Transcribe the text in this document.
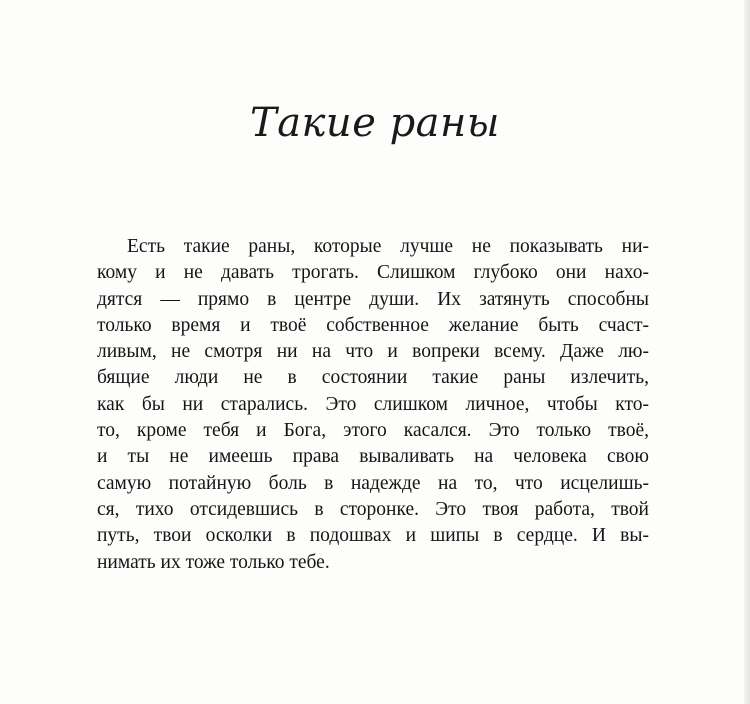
Такие раны
Есть такие раны, которые лучше не показывать ни-
кому и не давать трогать. Слишком глубоко они нахо-
дятся — прямо в центре души. Их затянуть способны
только время и твоё собственное желание быть счаст-
ливым, не смотря ни на что и вопреки всему. Даже лю-
бящие люди не в состоянии такие раны излечить,
как бы ни старались. Это слишком личное, чтобы кто-
то, кроме тебя и Бога, этого касался. Это только твоё,
и ты не имеешь права вываливать на человека свою
самую потайную боль в надежде на то, что исцелишь-
ся, тихо отсидевшись в сторонке. Это твоя работа, твой
путь, твои осколки в подошвах и шипы в сердце. И вы-
нимать их тоже только тебе.
